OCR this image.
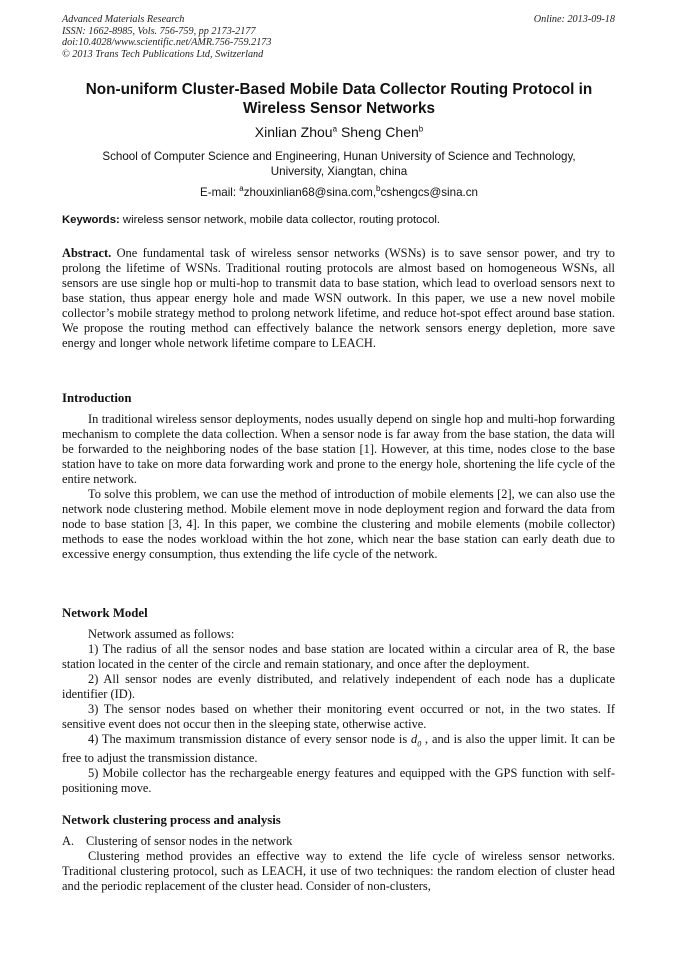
Advanced Materials Research
ISSN: 1662-8985, Vols. 756-759, pp 2173-2177
doi:10.4028/www.scientific.net/AMR.756-759.2173
© 2013 Trans Tech Publications Ltd, Switzerland
Online: 2013-09-18
Non-uniform Cluster-Based Mobile Data Collector Routing Protocol in Wireless Sensor Networks
Xinlian Zhou$^a$ Sheng Chen$^b$
School of Computer Science and Engineering, Hunan University of Science and Technology, University, Xiangtan, china
E-mail: $^a$zhouxinlian68@sina.com,$^b$cshengcs@sina.cn
Keywords: wireless sensor network, mobile data collector, routing protocol.
Abstract. One fundamental task of wireless sensor networks (WSNs) is to save sensor power, and try to prolong the lifetime of WSNs. Traditional routing protocols are almost based on homogeneous WSNs, all sensors are use single hop or multi-hop to transmit data to base station, which lead to overload sensors next to base station, thus appear energy hole and made WSN outwork. In this paper, we use a new novel mobile collector’s mobile strategy method to prolong network lifetime, and reduce hot-spot effect around base station. We propose the routing method can effectively balance the network sensors energy depletion, more save energy and longer whole network lifetime compare to LEACH.
Introduction

In traditional wireless sensor deployments, nodes usually depend on single hop and multi-hop forwarding mechanism to complete the data collection. When a sensor node is far away from the base station, the data will be forwarded to the neighboring nodes of the base station [1]. However, at this time, nodes close to the base station have to take on more data forwarding work and prone to the energy hole, shortening the life cycle of the entire network.

To solve this problem, we can use the method of introduction of mobile elements [2], we can also use the network node clustering method. Mobile element move in node deployment region and forward the data from node to base station [3, 4]. In this paper, we combine the clustering and mobile elements (mobile collector) methods to ease the nodes workload within the hot zone, which near the base station can early death due to excessive energy consumption, thus extending the life cycle of the network.

Network Model

Network assumed as follows:

1) The radius of all the sensor nodes and base station are located within a circular area of R, the base station located in the center of the circle and remain stationary, and once after the deployment.

2) All sensor nodes are evenly distributed, and relatively independent of each node has a duplicate identifier (ID).

3) The sensor nodes based on whether their monitoring event occurred or not, in the two states. If sensitive event does not occur then in the sleeping state, otherwise active.

4) The maximum transmission distance of every sensor node is $d_0$ , and is also the upper limit. It can be free to adjust the transmission distance.

5) Mobile collector has the rechargeable energy features and equipped with the GPS function with self-positioning move.

Network clustering process and analysis

A. Clustering of sensor nodes in the network

Clustering method provides an effective way to extend the life cycle of wireless sensor networks. Traditional clustering protocol, such as LEACH, it use of two techniques: the random election of cluster head and the periodic replacement of the cluster head. Consider of non-clusters,
